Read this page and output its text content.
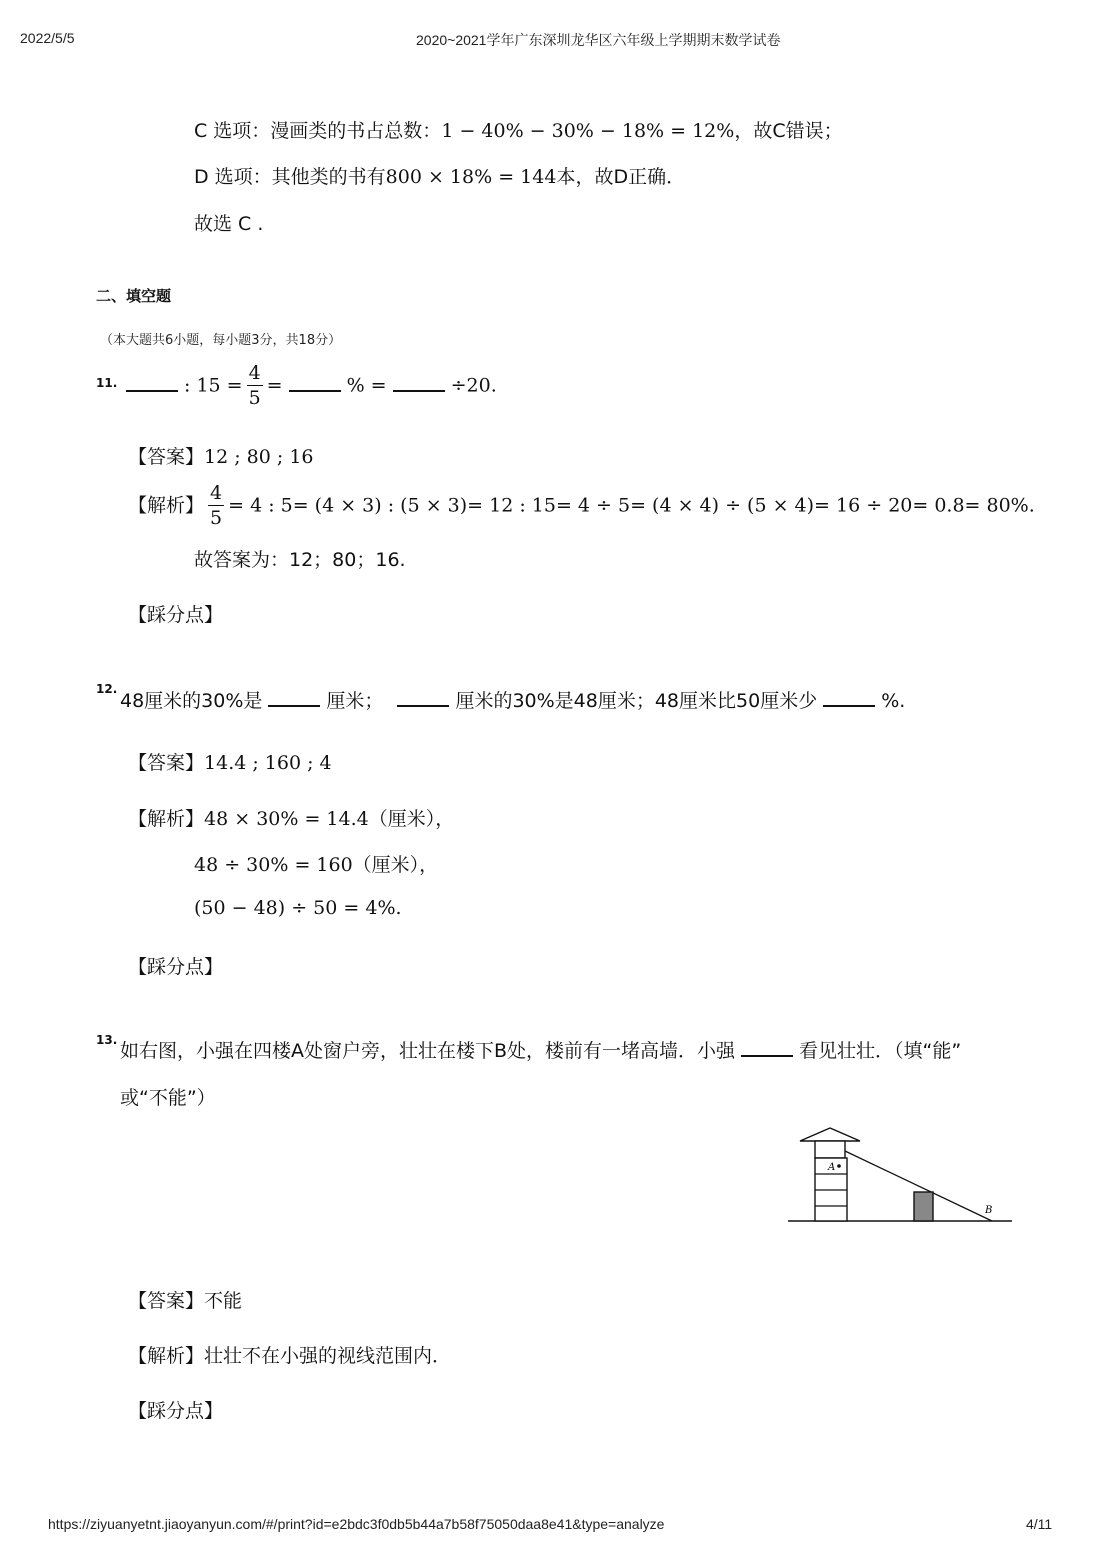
2022/5/5	2020~2021学年广东深圳龙华区六年级上学期期末数学试卷
C 选项：漫画类的书占总数：1 − 40% − 30% − 18% = 12%，故C错误；
D 选项：其他类的书有800 × 18% = 144本，故D正确．
故选 C .
二、填空题
（本大题共6小题，每小题3分，共18分）
11.	: $15 = \frac{4}{5}$ =	% =	÷20.
【答案】12 ; 80 ; 16
【解析】 $\frac{4}{5} = 4$ : 5= (4 × 3) : (5 × 3)= 12 : 15= 4 ÷ 5= (4 × 4) ÷ (5 × 4)= 16 ÷ 20= 0.8= 80%.
故答案为：12；80；16.
【踩分点】
12.
48厘米的30%是	厘米；	厘米的30%是48厘米；48厘米比50厘米少	%.
【答案】14.4 ; 160 ; 4
【解析】48 × 30% = 14.4（厘米），
48 ÷ 30% = 160（厘米），
(50 − 48) ÷ 50 = 4%.
【踩分点】
13. 如右图，小强在四楼A处窗户旁，壮壮在楼下B处，楼前有一堵高墙．小强	看见壮壮．（填“能”
或“不能”）
A
B
【答案】不能
【解析】壮壮不在小强的视线范围内．
【踩分点】
https://ziyuanyetnt.jiaoyanyun.com/#/print?id=e2bdc3f0db5b44a7b58f75050daa8e41&type=analyze	4/11
